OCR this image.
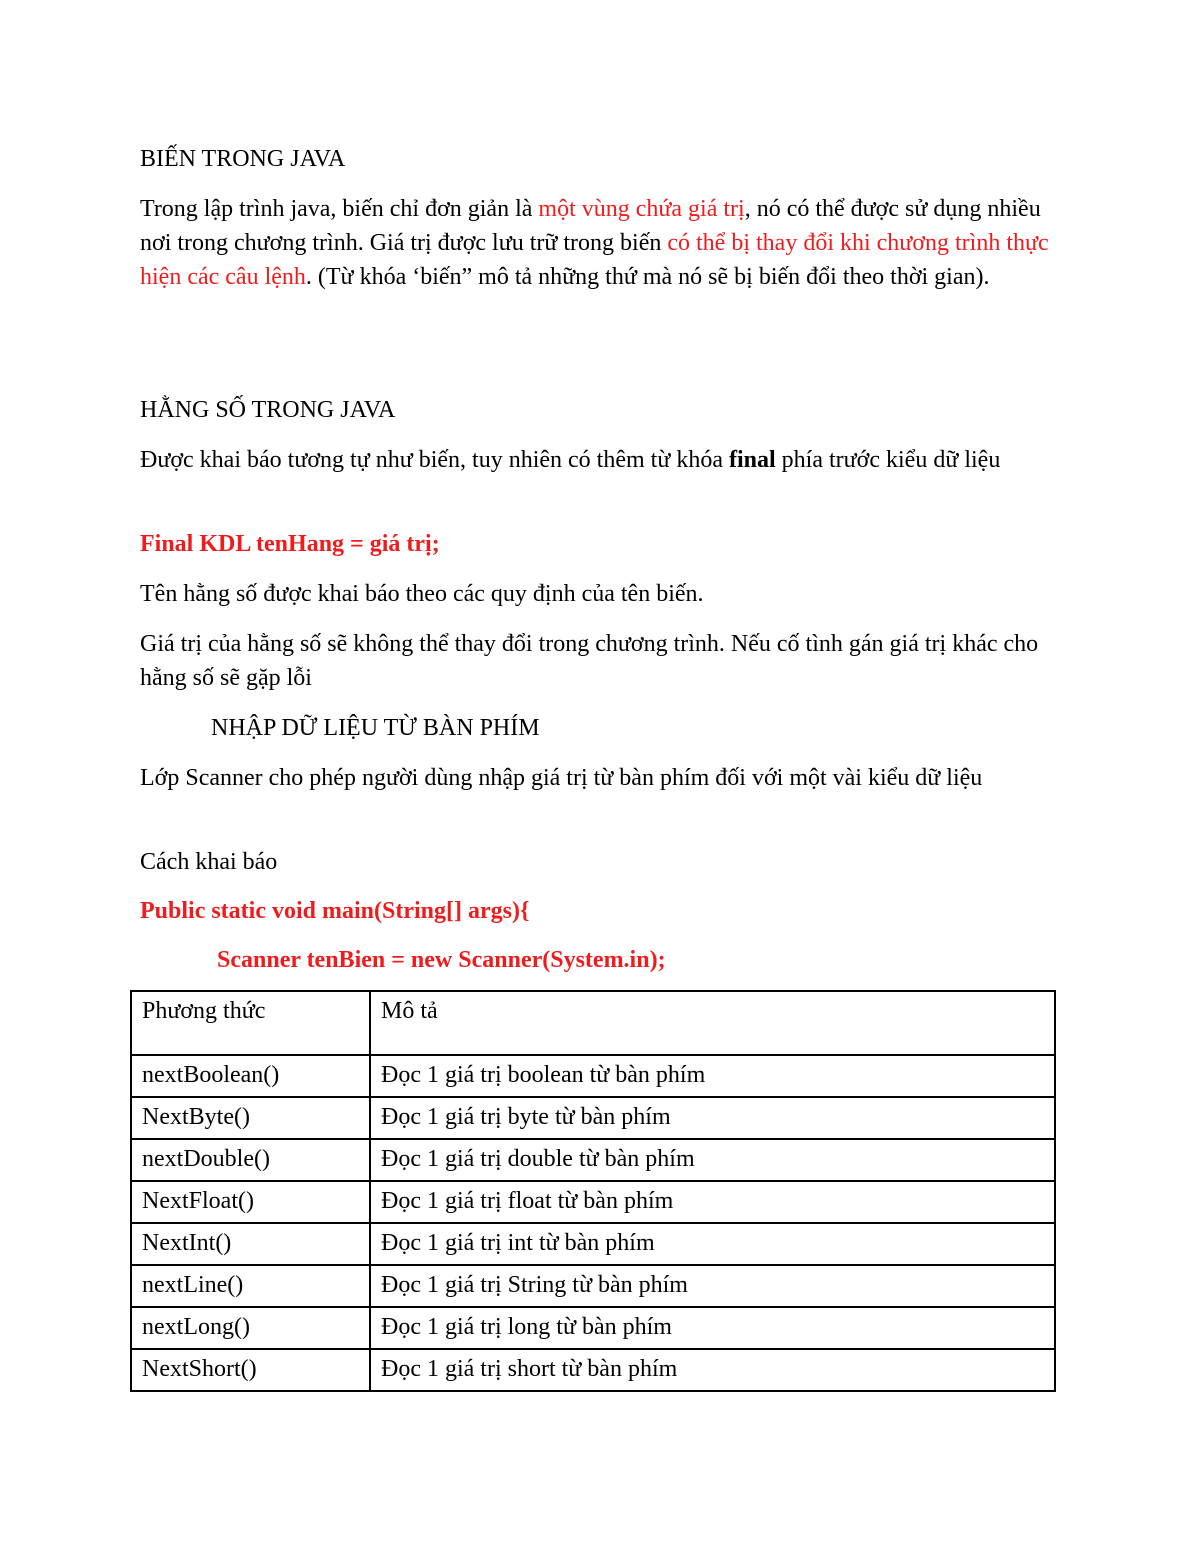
BIẾN TRONG JAVA

Trong lập trình java, biến chỉ đơn giản là một vùng chứa giá trị, nó có thể được sử dụng nhiều nơi trong chương trình. Giá trị được lưu trữ trong biến có thể bị thay đổi khi chương trình thực hiện các câu lệnh. (Từ khóa ‘biến” mô tả những thứ mà nó sẽ bị biến đổi theo thời gian).

HẰNG SỐ TRONG JAVA

Được khai báo tương tự như biến, tuy nhiên có thêm từ khóa final phía trước kiểu dữ liệu

Final KDL tenHang = giá trị;

Tên hằng số được khai báo theo các quy định của tên biến.

Giá trị của hằng số sẽ không thể thay đổi trong chương trình. Nếu cố tình gán giá trị khác cho hằng số sẽ gặp lỗi

NHẬP DỮ LIỆU TỪ BÀN PHÍM

Lớp Scanner cho phép người dùng nhập giá trị từ bàn phím đối với một vài kiểu dữ liệu

Cách khai báo

Public static void main(String[] args){

Scanner tenBien = new Scanner(System.in);

Phương thức	Mô tả
nextBoolean()	Đọc 1 giá trị boolean từ bàn phím
NextByte()	Đọc 1 giá trị byte từ bàn phím
nextDouble()	Đọc 1 giá trị double từ bàn phím
NextFloat()	Đọc 1 giá trị float từ bàn phím
NextInt()	Đọc 1 giá trị int từ bàn phím
nextLine()	Đọc 1 giá trị String từ bàn phím
nextLong()	Đọc 1 giá trị long từ bàn phím
NextShort()	Đọc 1 giá trị short từ bàn phím
